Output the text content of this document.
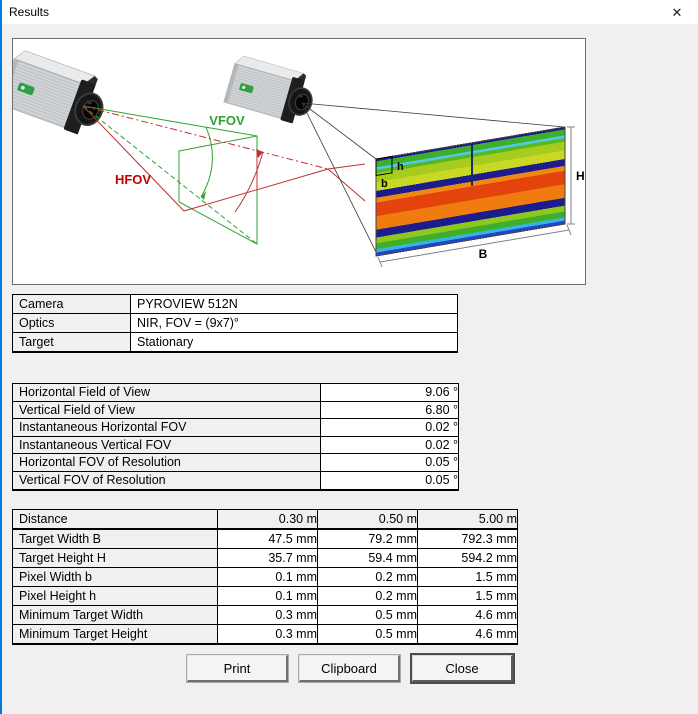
Results	✕
VFOV
HFOV
h
b
H
B
Camera	PYROVIEW 512N
Optics	NIR, FOV = (9x7)°
Target	Stationary
Horizontal Field of View	9.06 °
Vertical Field of View	6.80 °
Instantaneous Horizontal FOV	0.02 °
Instantaneous Vertical FOV	0.02 °
Horizontal FOV of Resolution	0.05 °
Vertical FOV of Resolution	0.05 °
Distance	0.30 m	0.50 m	5.00 m
Target Width B	47.5 mm	79.2 mm	792.3 mm
Target Height H	35.7 mm	59.4 mm	594.2 mm
Pixel Width b	0.1 mm	0.2 mm	1.5 mm
Pixel Height h	0.1 mm	0.2 mm	1.5 mm
Minimum Target Width	0.3 mm	0.5 mm	4.6 mm
Minimum Target Height	0.3 mm	0.5 mm	4.6 mm
Print	Clipboard	Close
